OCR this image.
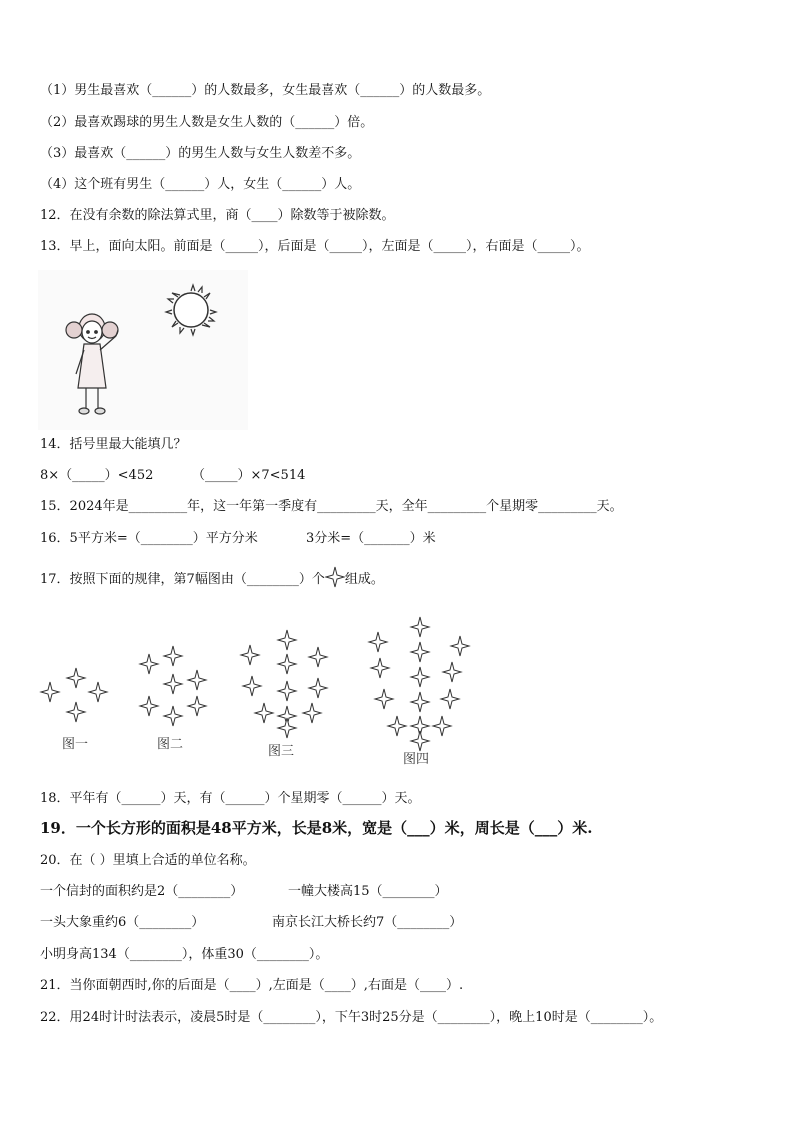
（1）男生最喜欢（______）的人数最多，女生最喜欢（______）的人数最多。
（2）最喜欢踢球的男生人数是女生人数的（______）倍。
（3）最喜欢（______）的男生人数与女生人数差不多。
（4）这个班有男生（______）人，女生（______）人。
12．在没有余数的除法算式里，商（____）除数等于被除数。
13．早上，面向太阳。前面是（_____），后面是（_____），左面是（_____），右面是（_____）。
14．括号里最大能填几？
8×（_____）<452	（_____）×7<514
15．2024年是_________年，这一年第一季度有_________天，全年_________个星期零_________天。
16．5平方米=（________）平方分米	3分米=（_______）米
17．按照下面的规律，第7幅图由（________）个 组成。
图一	图二	图三
图四
18．平年有（______）天，有（______）个星期零（______）天。
19．一个长方形的面积是48平方米，长是8米，宽是（___）米，周长是（___）米.
20．在（ ）里填上合适的单位名称。
一个信封的面积约是2（________）	一幢大楼高15（________）
一头大象重约6（________）	南京长江大桥长约7（________）
小明身高134（________），体重30（________）。
21．当你面朝西时,你的后面是（____）,左面是（____）,右面是（____）.
22．用24时计时法表示，凌晨5时是（________），下午3时25分是（________），晚上10时是（________）。
